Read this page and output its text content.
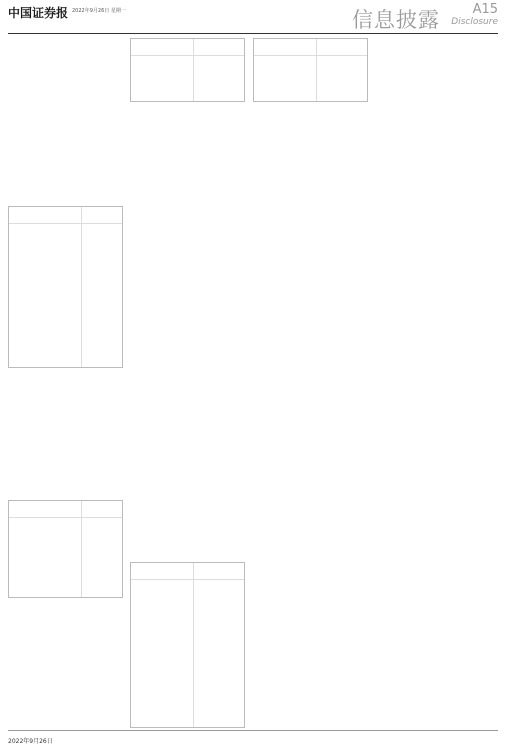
中国证券报 2022年9月26日 星期一	信息披露	A15
Disclosure
2022年9月26日
